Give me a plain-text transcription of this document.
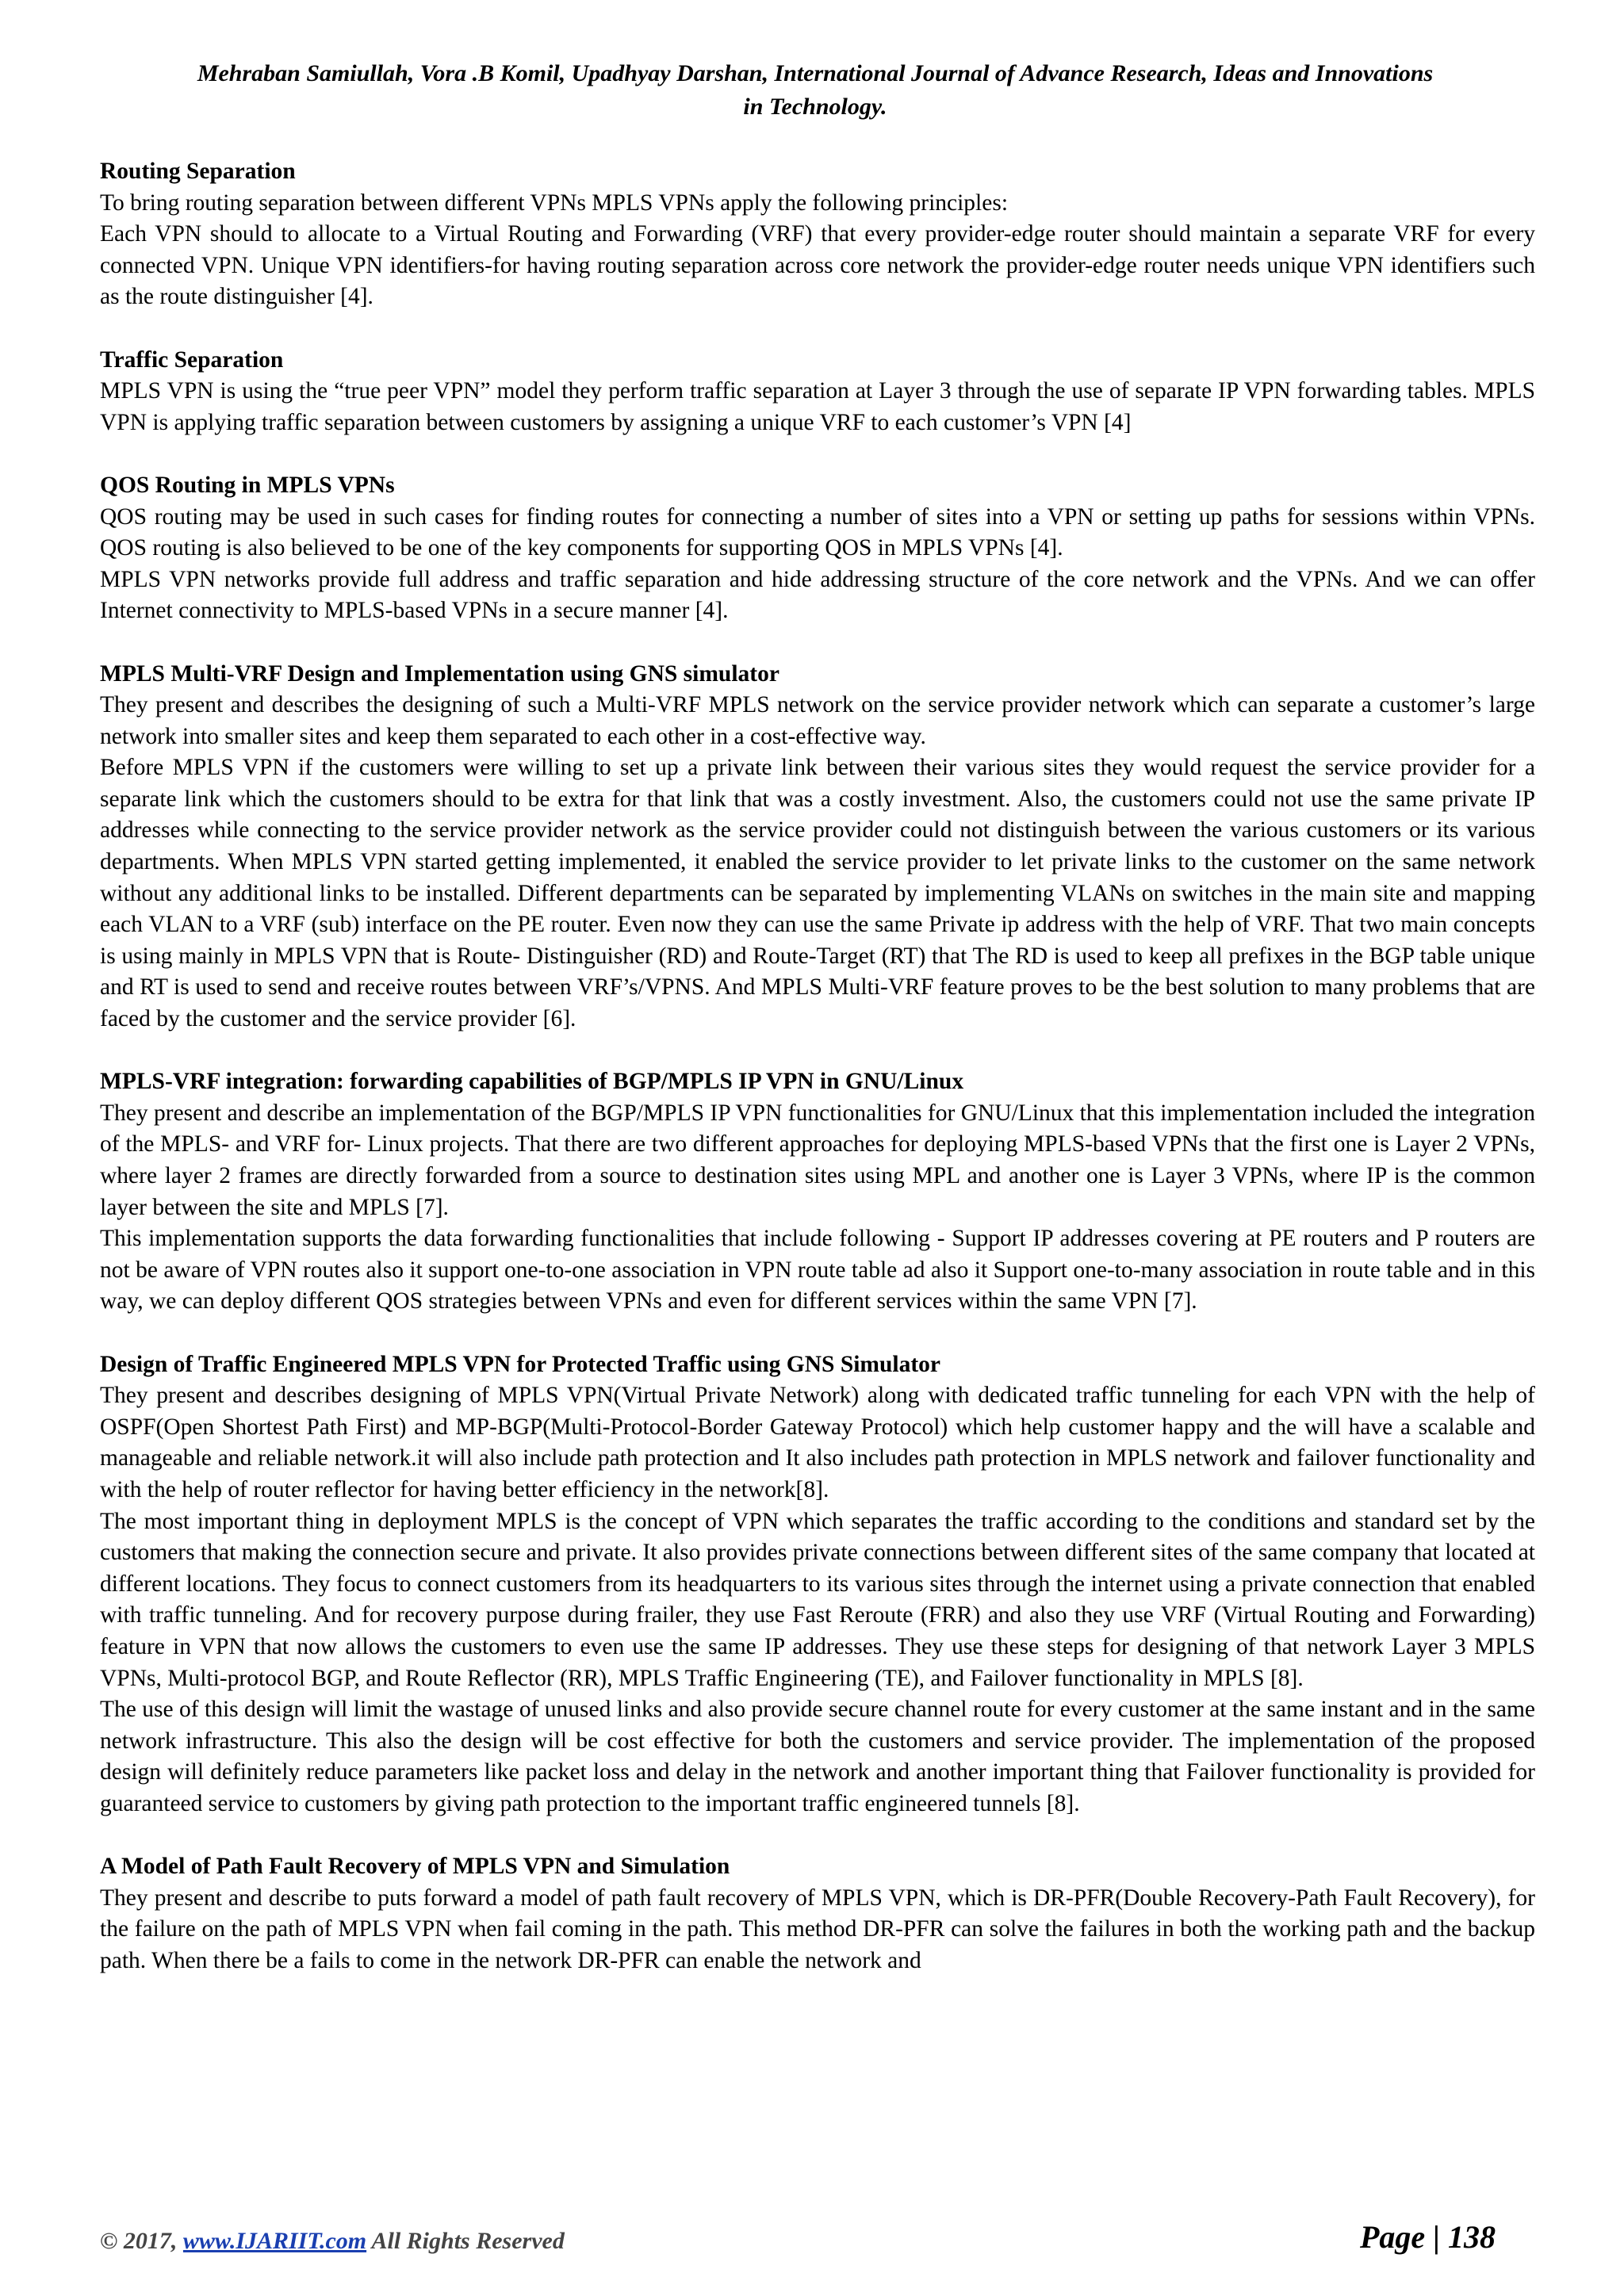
Mehraban Samiullah, Vora .B Komil, Upadhyay Darshan, International Journal of Advance Research, Ideas and Innovations
in Technology.
Routing Separation

To bring routing separation between different VPNs MPLS VPNs apply the following principles:

Each VPN should to allocate to a Virtual Routing and Forwarding (VRF) that every provider-edge router should maintain a separate VRF for every connected VPN. Unique VPN identifiers-for having routing separation across core network the provider-edge router needs unique VPN identifiers such as the route distinguisher [4].

Traffic Separation

MPLS VPN is using the “true peer VPN” model they perform traffic separation at Layer 3 through the use of separate IP VPN forwarding tables. MPLS VPN is applying traffic separation between customers by assigning a unique VRF to each customer’s VPN [4]

QOS Routing in MPLS VPNs

QOS routing may be used in such cases for finding routes for connecting a number of sites into a VPN or setting up paths for sessions within VPNs. QOS routing is also believed to be one of the key components for supporting QOS in MPLS VPNs [4].

MPLS VPN networks provide full address and traffic separation and hide addressing structure of the core network and the VPNs. And we can offer Internet connectivity to MPLS-based VPNs in a secure manner [4].

MPLS Multi-VRF Design and Implementation using GNS simulator

They present and describes the designing of such a Multi-VRF MPLS network on the service provider network which can separate a customer’s large network into smaller sites and keep them separated to each other in a cost-effective way.

Before MPLS VPN if the customers were willing to set up a private link between their various sites they would request the service provider for a separate link which the customers should to be extra for that link that was a costly investment. Also, the customers could not use the same private IP addresses while connecting to the service provider network as the service provider could not distinguish between the various customers or its various departments. When MPLS VPN started getting implemented, it enabled the service provider to let private links to the customer on the same network without any additional links to be installed. Different departments can be separated by implementing VLANs on switches in the main site and mapping each VLAN to a VRF (sub) interface on the PE router. Even now they can use the same Private ip address with the help of VRF. That two main concepts is using mainly in MPLS VPN that is Route- Distinguisher (RD) and Route-Target (RT) that The RD is used to keep all prefixes in the BGP table unique and RT is used to send and receive routes between VRF’s/VPNS. And MPLS Multi-VRF feature proves to be the best solution to many problems that are faced by the customer and the service provider [6].

MPLS-VRF integration: forwarding capabilities of BGP/MPLS IP VPN in GNU/Linux

They present and describe an implementation of the BGP/MPLS IP VPN functionalities for GNU/Linux that this implementation included the integration of the MPLS- and VRF for- Linux projects. That there are two different approaches for deploying MPLS-based VPNs that the first one is Layer 2 VPNs, where layer 2 frames are directly forwarded from a source to destination sites using MPL and another one is Layer 3 VPNs, where IP is the common layer between the site and MPLS [7].

This implementation supports the data forwarding functionalities that include following - Support IP addresses covering at PE routers and P routers are not be aware of VPN routes also it support one-to-one association in VPN route table ad also it Support one-to-many association in route table and in this way, we can deploy different QOS strategies between VPNs and even for different services within the same VPN [7].

Design of Traffic Engineered MPLS VPN for Protected Traffic using GNS Simulator

They present and describes designing of MPLS VPN(Virtual Private Network) along with dedicated traffic tunneling for each VPN with the help of OSPF(Open Shortest Path First) and MP-BGP(Multi-Protocol-Border Gateway Protocol) which help customer happy and the will have a scalable and manageable and reliable network.it will also include path protection and It also includes path protection in MPLS network and failover functionality and with the help of router reflector for having better efficiency in the network[8].

The most important thing in deployment MPLS is the concept of VPN which separates the traffic according to the conditions and standard set by the customers that making the connection secure and private. It also provides private connections between different sites of the same company that located at different locations. They focus to connect customers from its headquarters to its various sites through the internet using a private connection that enabled with traffic tunneling. And for recovery purpose during frailer, they use Fast Reroute (FRR) and also they use VRF (Virtual Routing and Forwarding) feature in VPN that now allows the customers to even use the same IP addresses. They use these steps for designing of that network Layer 3 MPLS VPNs, Multi-protocol BGP, and Route Reflector (RR), MPLS Traffic Engineering (TE), and Failover functionality in MPLS [8].

The use of this design will limit the wastage of unused links and also provide secure channel route for every customer at the same instant and in the same network infrastructure. This also the design will be cost effective for both the customers and service provider. The implementation of the proposed design will definitely reduce parameters like packet loss and delay in the network and another important thing that Failover functionality is provided for guaranteed service to customers by giving path protection to the important traffic engineered tunnels [8].

A Model of Path Fault Recovery of MPLS VPN and Simulation

They present and describe to puts forward a model of path fault recovery of MPLS VPN, which is DR-PFR(Double Recovery-Path Fault Recovery), for the failure on the path of MPLS VPN when fail coming in the path. This method DR-PFR can solve the failures in both the working path and the backup path. When there be a fails to come in the network DR-PFR can enable the network and

© 2017, www.IJARIIT.com All Rights Reserved	Page | 138
